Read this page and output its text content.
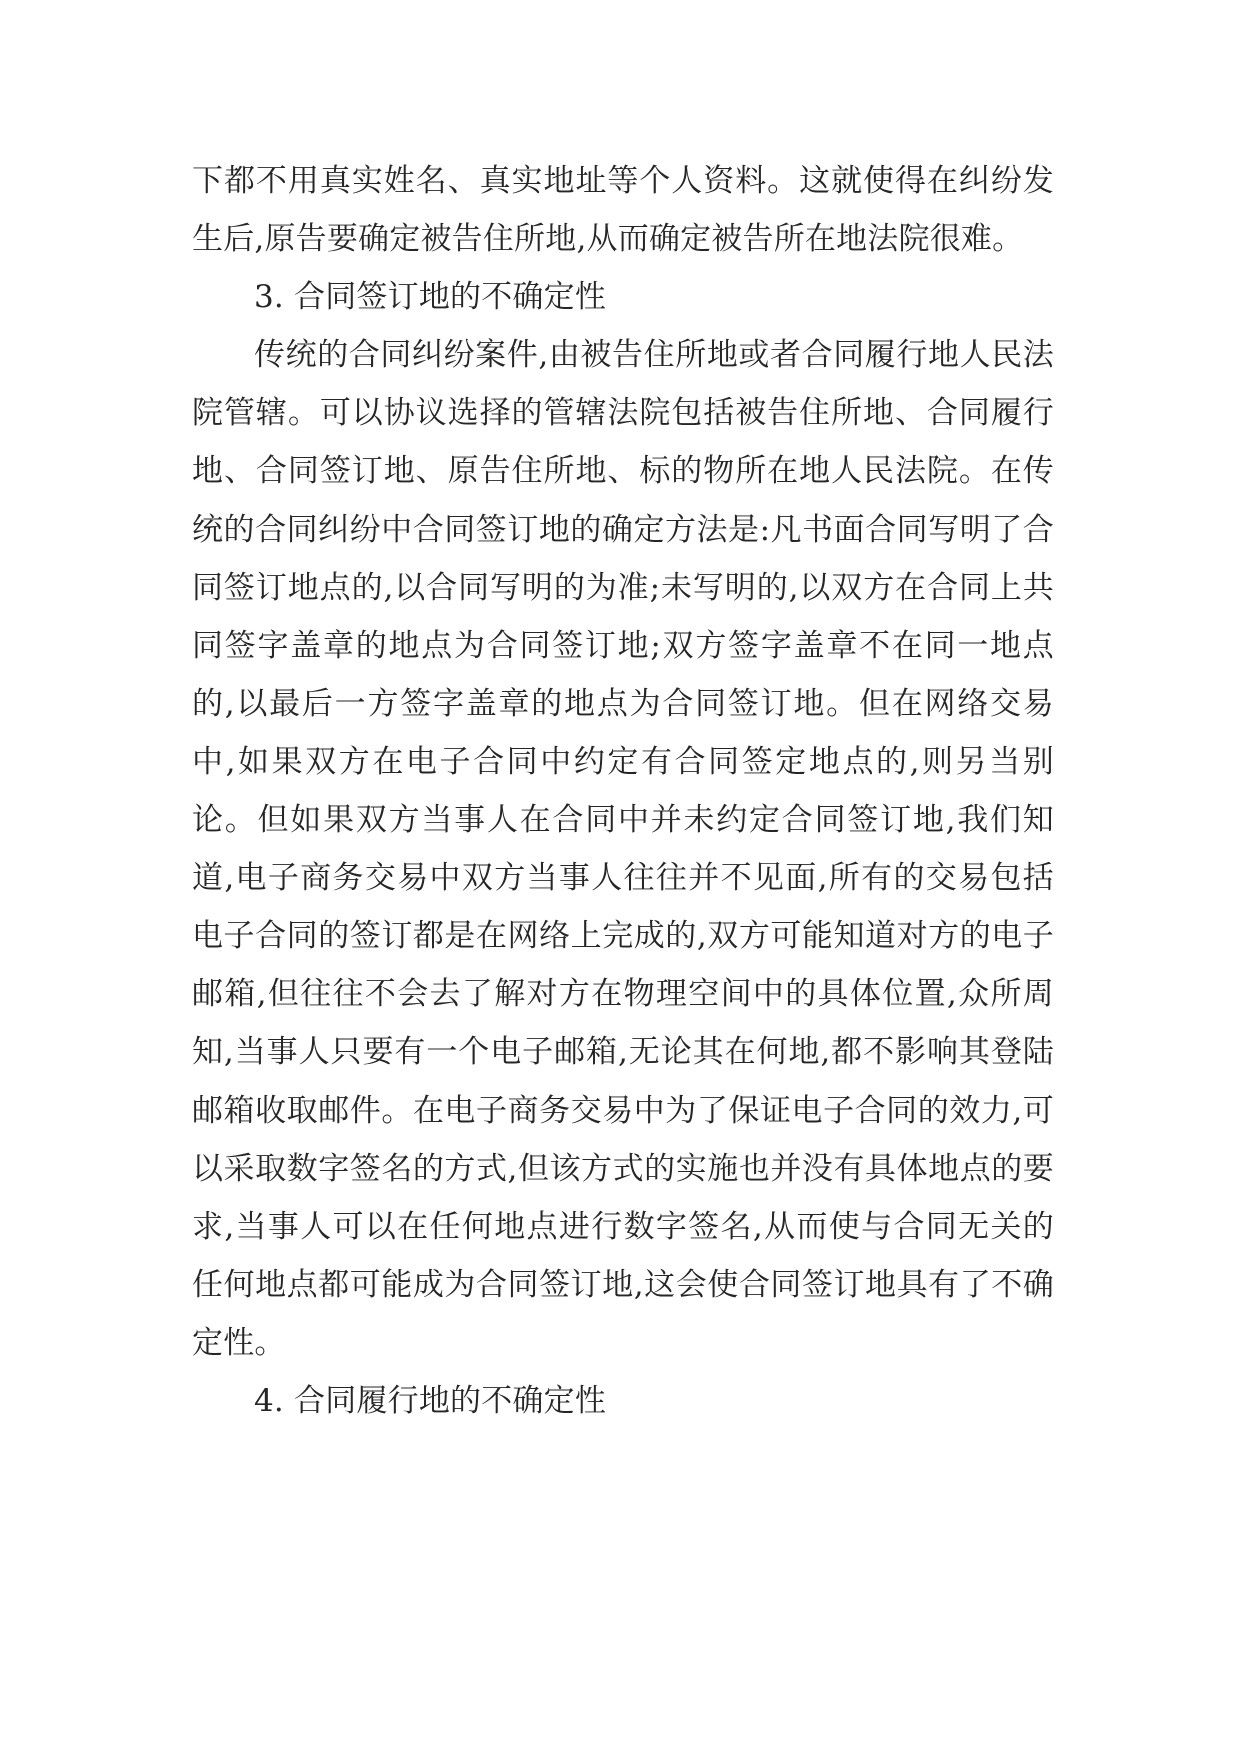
下都不用真实姓名、真实地址等个人资料。这就使得在纠纷发生后,原告要确定被告住所地,从而确定被告所在地法院很难。

3. 合同签订地的不确定性

传统的合同纠纷案件,由被告住所地或者合同履行地人民法院管辖。可以协议选择的管辖法院包括被告住所地、合同履行地、合同签订地、原告住所地、标的物所在地人民法院。在传统的合同纠纷中合同签订地的确定方法是:凡书面合同写明了合同签订地点的,以合同写明的为准;未写明的,以双方在合同上共同签字盖章的地点为合同签订地;双方签字盖章不在同一地点的,以最后一方签字盖章的地点为合同签订地。但在网络交易中,如果双方在电子合同中约定有合同签定地点的,则另当别论。但如果双方当事人在合同中并未约定合同签订地,我们知道,电子商务交易中双方当事人往往并不见面,所有的交易包括电子合同的签订都是在网络上完成的,双方可能知道对方的电子邮箱,但往往不会去了解对方在物理空间中的具体位置,众所周知,当事人只要有一个电子邮箱,无论其在何地,都不影响其登陆邮箱收取邮件。在电子商务交易中为了保证电子合同的效力,可以采取数字签名的方式,但该方式的实施也并没有具体地点的要求,当事人可以在任何地点进行数字签名,从而使与合同无关的任何地点都可能成为合同签订地,这会使合同签订地具有了不确定性。

4. 合同履行地的不确定性
